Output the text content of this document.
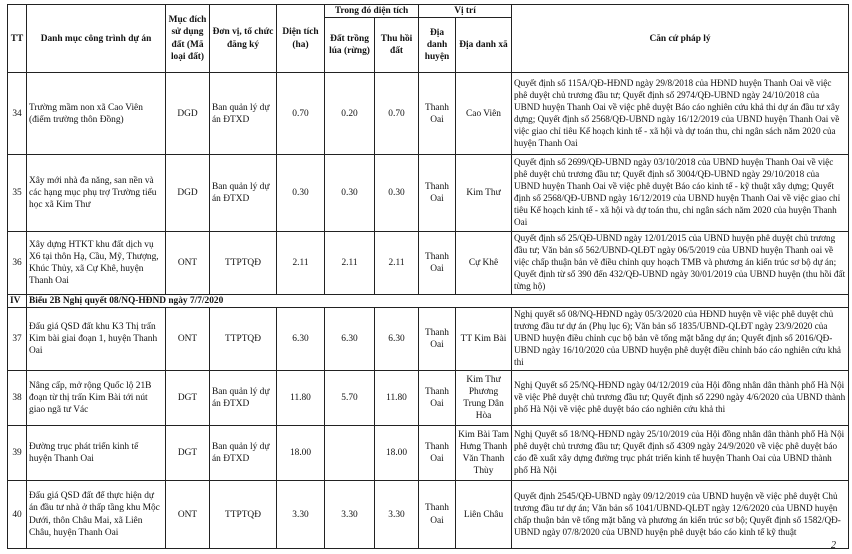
TT	Danh mục công trình dự án	Mục đích sử dụng đất (Mã loại đất)	Đơn vị, tổ chức đăng ký	Diện tích (ha)	Trong đó diện tích		Vị trí		Căn cứ pháp lý
					Đất trồng lúa (rừng)	Thu hồi đất	Địa danh huyện	Địa danh xã	
34	Trường mầm non xã Cao Viên (điểm trường thôn Đồng)	DGD	Ban quản lý dự án ĐTXD	0.70	0.20	0.70	Thanh Oai	Cao Viên	Quyết định số 115A/QĐ-HĐND ngày 29/8/2018 của HĐND huyện Thanh Oai về việc phê duyệt chủ trương đầu tư; Quyết định số 2974/QĐ-UBND ngày 24/10/2018 của UBND huyện Thanh Oai về việc phê duyệt Báo cáo nghiên cứu khả thi dự án đầu tư xây dựng; Quyết định số 2568/QĐ-UBND ngày 16/12/2019 của UBND huyện Thanh Oai về việc giao chỉ tiêu Kế hoạch kinh tế - xã hội và dự toán thu, chi ngân sách năm 2020 của huyện Thanh Oai
35	Xây mới nhà đa năng, san nền và các hạng mục phụ trợ Trường tiểu học xã Kim Thư	DGD	Ban quản lý dự án ĐTXD	0.30	0.30	0.30	Thanh Oai	Kim Thư	Quyết định số 2699/QĐ-UBND ngày 03/10/2018 của UBND huyện Thanh Oai về việc phê duyệt chủ trương đầu tư; Quyết định số 3004/QĐ-UBND ngày 29/10/2018 của UBND huyện Thanh Oai về việc phê duyệt Báo cáo kinh tế - kỹ thuật xây dựng; Quyết định số 2568/QĐ-UBND ngày 16/12/2019 của UBND huyện Thanh Oai về việc giao chỉ tiêu Kế hoạch kinh tế - xã hội và dự toán thu, chi ngân sách năm 2020 của huyện Thanh Oai
36	Xây dựng HTKT khu đất dịch vụ X6 tại thôn Hạ, Cầu, Mỹ, Thượng, Khúc Thủy, xã Cự Khê, huyện Thanh Oai	ONT	TTPTQĐ	2.11	2.11	2.11	Thanh Oai	Cự Khê	Quyết định số 25/QĐ-UBND ngày 12/01/2015 của UBND huyện phê duyệt chủ trương đầu tư; Văn bản số 562/UBND-QLĐT ngày 06/5/2019 của UBND huyện Thanh oai về việc chấp thuận bản vẽ điều chỉnh quy hoạch TMB và phương án kiến trúc sơ bộ dự án; Quyết định từ số 390 đến 432/QĐ-UBND ngày 30/01/2019 của UBND huyện (thu hồi đất từng hộ)
IV	Biểu 2B Nghị quyết 08/NQ-HĐND ngày 7/7/2020								
37	Đấu giá QSD đất khu K3 Thị trấn Kim bài giai đoạn 1, huyện Thanh Oai	ONT	TTPTQĐ	6.30	6.30	6.30	Thanh Oai	TT Kim Bài	Nghị quyết số 08/NQ-HĐND ngày 05/3/2020 của HĐND huyện về việc phê duyệt chủ trương đầu tư dự án (Phụ lục 6); Văn bản số 1835/UBND-QLĐT ngày 23/9/2020 của UBND huyện điều chỉnh cục bộ bản vẽ tổng mặt bằng dự án; Quyết định số 2016/QĐ-UBND ngày 16/10/2020 của UBND huyện phê duyệt điều chỉnh báo cáo nghiên cứu khả thi
38	Nâng cấp, mở rộng Quốc lộ 21B đoạn từ thị trấn Kim Bài tới nút giao ngã tư Vác	DGT	Ban quản lý dự án ĐTXD	11.80	5.70	11.80	Thanh Oai	Kim Thư Phương Trung Dân Hòa	Nghị Quyết số 25/NQ-HĐND ngày 04/12/2019 của Hội đồng nhân dân thành phố Hà Nội về việc Phê duyệt chủ trương đầu tư; Quyết định số 2290 ngày 4/6/2020 của UBND thành phố Hà Nội về việc phê duyệt báo cáo nghiên cứu khả thi
39	Đường trục phát triển kinh tế huyện Thanh Oai	DGT	Ban quản lý dự án ĐTXD	18.00		18.00	Thanh Oai	Kim Bài Tam Hưng Thanh Văn Thanh Thùy	Nghị Quyết số 18/NQ-HĐND ngày 25/10/2019 của Hội đồng nhân dân thành phố Hà Nội phê duyệt chủ trương đầu tư; Quyết định số 4309 ngày 24/9/2020 về việc phê duyệt báo cáo đề xuất xây dựng đường trục phát triển kinh tế huyện Thanh Oai của UBND thành phố Hà Nội
40	Đấu giá QSD đất để thực hiện dự án đầu tư nhà ở thấp tầng khu Mộc Dưới, thôn Châu Mai, xã Liên Châu, huyện Thanh Oai	ONT	TTPTQĐ	3.30	3.30	3.30	Thanh Oai	Liên Châu	Quyết định 2545/QĐ-UBND ngày 09/12/2019 của UBND huyện về việc phê duyệt Chủ trương đầu tư dự án; Văn bản số 1041/UBND-QLĐT ngày 12/6/2020 của UBND huyện chấp thuận bản vẽ tổng mặt bằng và phương án kiến trúc sơ bộ; Quyết định số 1582/QĐ-UBND ngày 07/8/2020 của UBND huyện phê duyệt báo cáo kinh tế kỹ thuật
2
